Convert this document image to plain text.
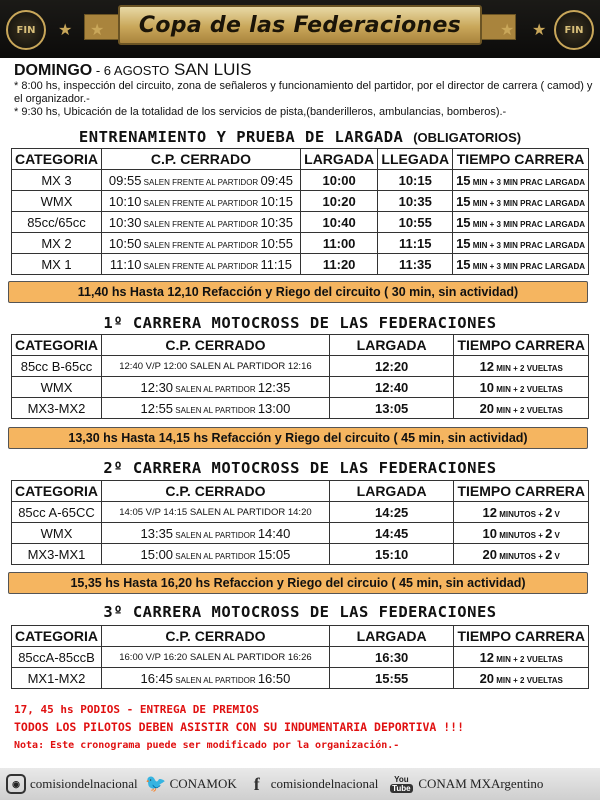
FIN	FIN
★ ★	★ ★
Copa de las Federaciones
DOMINGO - 6 AGOSTO SAN LUIS
* 8:00 hs, inspección del circuito, zona de señaleros y funcionamiento del partidor, por el director de carrera ( camod) y el organizador.-
* 9:30 hs, Ubicación de la totalidad de los servicios de pista,(banderilleros, ambulancias, bomberos).-
ENTRENAMIENTO Y PRUEBA DE LARGADA (OBLIGATORIOS)
CATEGORIA	C.P. CERRADO	LARGADA	LLEGADA	TIEMPO CARRERA
MX 3	09:55 SALEN FRENTE AL PARTIDOR 09:45	10:00	10:15	15 MIN + 3 MIN PRAC LARGADA
WMX	10:10 SALEN FRENTE AL PARTIDOR 10:15	10:20	10:35	15 MIN + 3 MIN PRAC LARGADA
85cc/65cc	10:30 SALEN FRENTE AL PARTIDOR 10:35	10:40	10:55	15 MIN + 3 MIN PRAC LARGADA
MX 2	10:50 SALEN FRENTE AL PARTIDOR 10:55	11:00	11:15	15 MIN + 3 MIN PRAC LARGADA
MX 1	11:10 SALEN FRENTE AL PARTIDOR 11:15	11:20	11:35	15 MIN + 3 MIN PRAC LARGADA
11,40 hs Hasta 12,10 Refacción y Riego del circuito ( 30 min, sin actividad)
1º CARRERA MOTOCROSS DE LAS FEDERACIONES
CATEGORIA	C.P. CERRADO	LARGADA	TIEMPO CARRERA
85cc B-65cc	12:40 V/P 12:00 SALEN AL PARTIDOR 12:16	12:20	12 MIN + 2 VUELTAS
WMX	12:30 SALEN AL PARTIDOR 12:35	12:40	10 MIN + 2 VUELTAS
MX3-MX2	12:55 SALEN AL PARTIDOR 13:00	13:05	20 MIN + 2 VUELTAS
13,30 hs Hasta 14,15 hs Refacción y Riego del circuito ( 45 min, sin actividad)
2º CARRERA MOTOCROSS DE LAS FEDERACIONES
CATEGORIA	C.P. CERRADO	LARGADA	TIEMPO CARRERA
85cc A-65CC	14:05 V/P 14:15 SALEN AL PARTIDOR 14:20	14:25	12 MINUTOS + 2 V
WMX	13:35 SALEN AL PARTIDOR 14:40	14:45	10 MINUTOS + 2 V
MX3-MX1	15:00 SALEN AL PARTIDOR 15:05	15:10	20 MINUTOS + 2 V
15,35 hs Hasta 16,20 hs Refaccion y Riego del circuio ( 45 min, sin actividad)
3º CARRERA MOTOCROSS DE LAS FEDERACIONES
CATEGORIA	C.P. CERRADO	LARGADA	TIEMPO CARRERA
85ccA-85ccB	16:00 V/P 16:20 SALEN AL PARTIDOR 16:26	16:30	12 MIN + 2 VUELTAS
MX1-MX2	16:45 SALEN AL PARTIDOR 16:50	15:55	20 MIN + 2 VUELTAS
17, 45 hs PODIOS - ENTREGA DE PREMIOS
TODOS LOS PILOTOS DEBEN ASISTIR CON SU INDUMENTARIA DEPORTIVA !!!
Nota: Este cronograma puede ser modificado por la organización.-
◉ comisiondelnacional 🐦 CONAMOK f comisiondelnacional You
Tube CONAM MXArgentino
